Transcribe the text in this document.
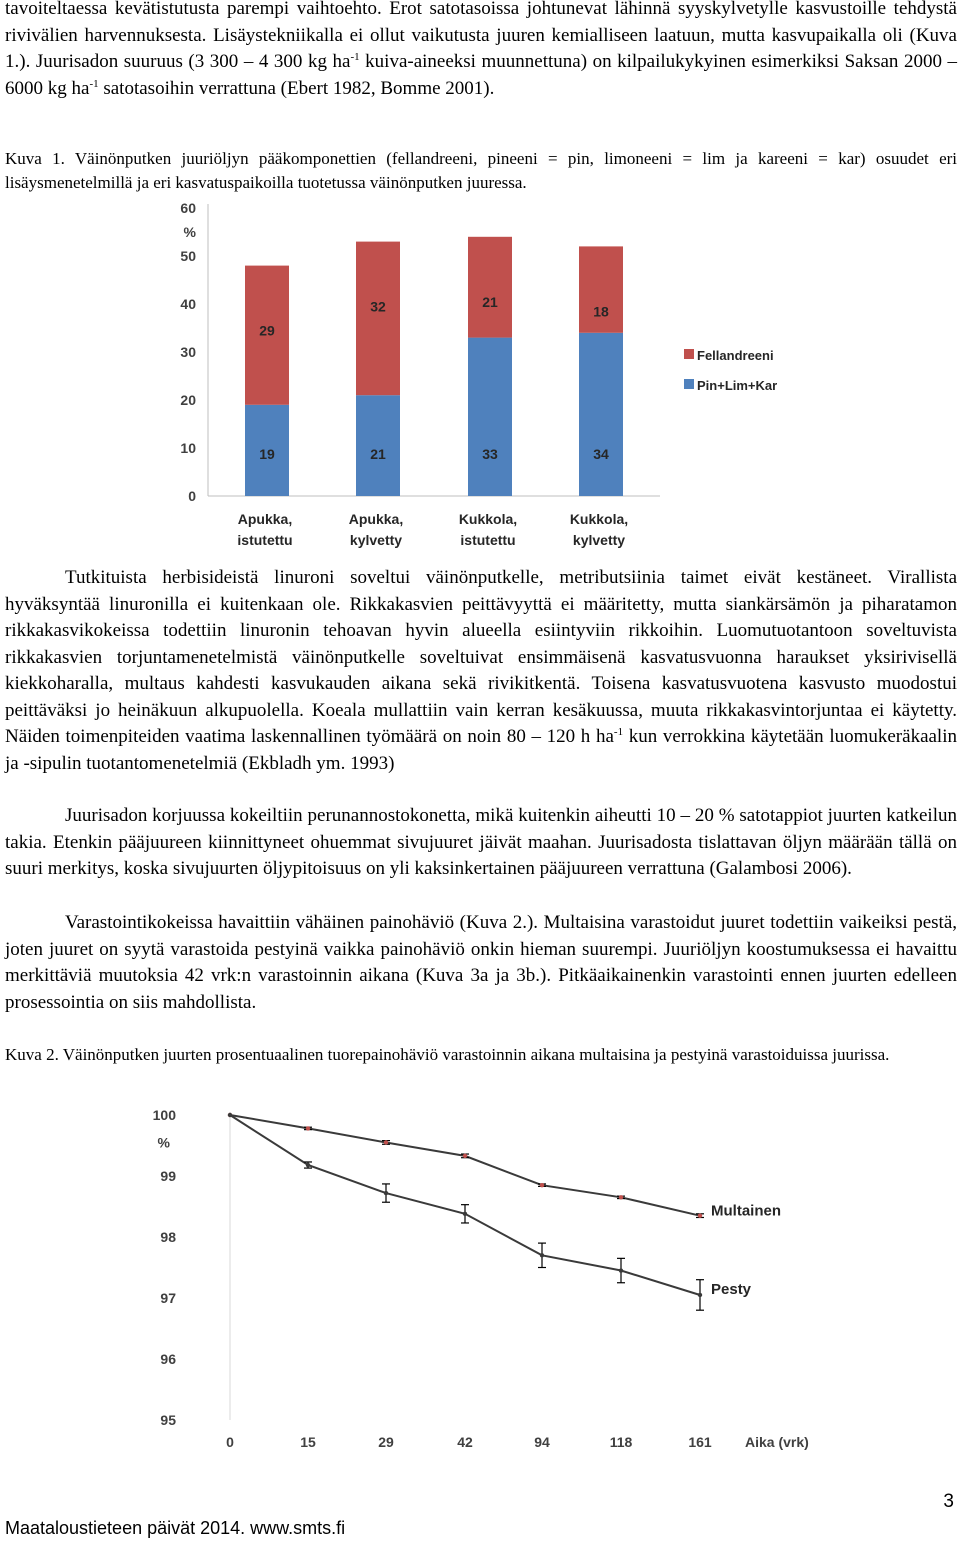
tavoiteltaessa kevätistutusta parempi vaihtoehto. Erot satotasoissa johtunevat lähinnä syyskylvetylle kasvustoille tehdystä rivivälien harvennuksesta. Lisäystekniikalla ei ollut vaikutusta juuren kemialliseen laatuun, mutta kasvupaikalla oli (Kuva 1.). Juurisadon suuruus (3 300 – 4 300 kg $ha^{-1}$ kuiva-aineeksi muunnettuna) on kilpailukykyinen esimerkiksi Saksan 2000 – 6000 kg $ha^{-1}$ satotasoihin verrattuna (Ebert 1982, Bomme 2001).

Kuva 1. Väinönputken juuriöljyn pääkomponettien (fellandreeni, pineeni = pin, limoneeni = lim ja kareeni = kar) osuudet eri lisäysmenetelmillä ja eri kasvatuspaikoilla tuotetussa väinönputken juuressa.

0
10
20
30
40
50
60
%
19
29
Apukka,
istutettu
21
32
Apukka,
kylvetty
33
21
Kukkola,
istutettu
34
18
Kukkola,
kylvetty
Fellandreeni
Pin+Lim+Kar

Tutkituista herbisideistä linuroni soveltui väinönputkelle, metributsiinia taimet eivät kestäneet. Virallista hyväksyntää linuronilla ei kuitenkaan ole. Rikkakasvien peittävyyttä ei määritetty, mutta siankärsämön ja piharatamon rikkakasvikokeissa todettiin linuronin tehoavan hyvin alueella esiintyviin rikkoihin. Luomutuotantoon soveltuvista rikkakasvien torjuntamenetelmistä väinönputkelle soveltuivat ensimmäisenä kasvatusvuonna haraukset yksirivisellä kiekkoharalla, multaus kahdesti kasvukauden aikana sekä rivikitkentä. Toisena kasvatusvuotena kasvusto muodostui peittäväksi jo heinäkuun alkupuolella. Koeala mullattiin vain kerran kesäkuussa, muuta rikkakasvintorjuntaa ei käytetty. Näiden toimenpiteiden vaatima laskennallinen työmäärä on noin 80 – 120 h $ha^{-1}$ kun verrokkina käytetään luomukeräkaalin ja -sipulin tuotantomenetelmiä (Ekbladh ym. 1993)

Juurisadon korjuussa kokeiltiin perunannostokonetta, mikä kuitenkin aiheutti 10 – 20 % satotappiot juurten katkeilun takia. Etenkin pääjuureen kiinnittyneet ohuemmat sivujuuret jäivät maahan. Juurisadosta tislattavan öljyn määrään tällä on suuri merkitys, koska sivujuurten öljypitoisuus on yli kaksinkertainen pääjuureen verrattuna (Galambosi 2006).

Varastointikokeissa havaittiin vähäinen painohäviö (Kuva 2.). Multaisina varastoidut juuret todettiin vaikeiksi pestä, joten juuret on syytä varastoida pestyinä vaikka painohäviö onkin hieman suurempi. Juuriöljyn koostumuksessa ei havaittu merkittäviä muutoksia 42 vrk:n varastoinnin aikana (Kuva 3a ja 3b.). Pitkäaikainenkin varastointi ennen juurten edelleen prosessointia on siis mahdollista.

Kuva 2. Väinönputken juurten prosentuaalinen tuorepainohäviö varastoinnin aikana multaisina ja pestyinä varastoiduissa juurissa.

95
96
97
98
99
100
%
0	15	29	42	94	118	161 Aika (vrk)
Multainen
Pesty
Maataloustieteen päivät 2014. www.smts.fi
3
